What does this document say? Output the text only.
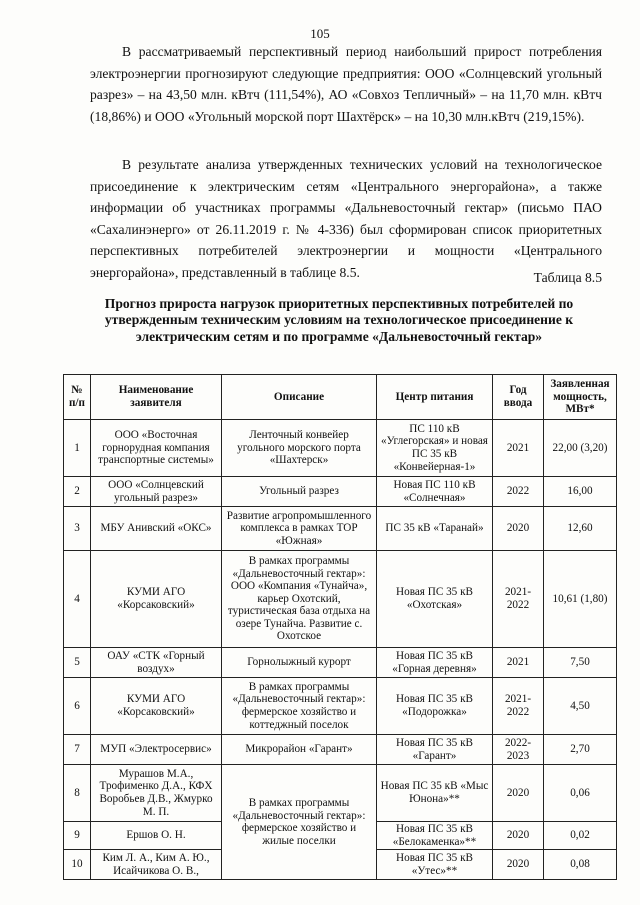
105
В рассматриваемый перспективный период наибольший прирост потребления электроэнергии прогнозируют следующие предприятия: ООО «Солнцевский угольный разрез» – на 43,50 млн. кВтч (111,54%), АО «Совхоз Тепличный» – на 11,70 млн. кВтч (18,86%) и ООО «Угольный морской порт Шахтёрск» – на 10,30 млн.кВтч (219,15%).
В результате анализа утвержденных технических условий на технологическое присоединение к электрическим сетям «Центрального энергорайона», а также информации об участниках программы «Дальневосточный гектар» (письмо ПАО «Сахалинэнерго» от 26.11.2019 г. № 4-336) был сформирован список приоритетных перспективных потребителей электроэнергии и мощности «Центрального энергорайона», представленный в таблице 8.5.	Таблица 8.5
Прогноз прироста нагрузок приоритетных перспективных потребителей по утвержденным техническим условиям на технологическое присоединение к электрическим сетям и по программе «Дальневосточный гектар»
№ п/п	Наименование заявителя	Описание	Центр питания	Год ввода	Заявленная мощность, МВт*
1	ООО «Восточная горнорудная компания транспортные системы»	Ленточный конвейер угольного морского порта «Шахтерск»	ПС 110 кВ «Углегорская» и новая ПС 35 кВ «Конвейерная-1»	2021	22,00 (3,20)
2	ООО «Солнцевский угольный разрез»	Угольный разрез	Новая ПС 110 кВ «Солнечная»	2022	16,00
3	МБУ Анивский «ОКС»	Развитие агропромышленного комплекса в рамках ТОР «Южная»	ПС 35 кВ «Таранай»	2020	12,60
4	КУМИ АГО «Корсаковский»	В рамках программы «Дальневосточный гектар»: ООО «Компания «Тунайча», карьер Охотский, туристическая база отдыха на озере Тунайча. Развитие с. Охотское	Новая ПС 35 кВ «Охотская»	2021-2022	10,61 (1,80)
5	ОАУ «СТК «Горный воздух»	Горнолыжный курорт	Новая ПС 35 кВ «Горная деревня»	2021	7,50
6	КУМИ АГО «Корсаковский»	В рамках программы «Дальневосточный гектар»: фермерское хозяйство и коттеджный поселок	Новая ПС 35 кВ «Подорожка»	2021-2022	4,50
7	МУП «Электросервис»	Микрорайон «Гарант»	Новая ПС 35 кВ «Гарант»	2022-2023	2,70
8	Мурашов М.А., Трофименко Д.А., КФХ Воробьев Д.В., Жмурко М. П.	В рамках программы «Дальневосточный гектар»: фермерское хозяйство и жилые поселки	Новая ПС 35 кВ «Мыс Юнона»**	2020	0,06
9	Ершов О. Н.		Новая ПС 35 кВ «Белокаменка»**	2020	0,02
10	Ким Л. А., Ким А. Ю., Исайчикова О. В.,		Новая ПС 35 кВ «Утес»**	2020	0,08
